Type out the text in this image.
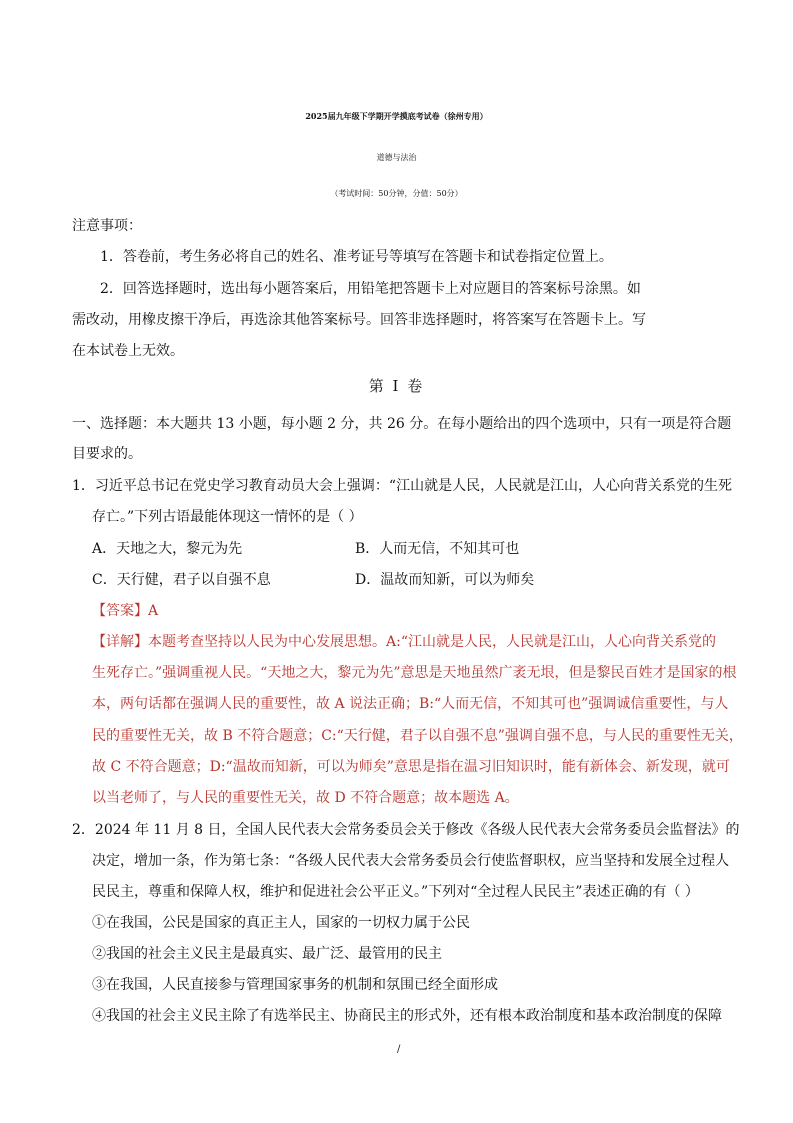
2025届九年级下学期开学摸底考试卷（徐州专用）
道德与法治
（考试时间：50分钟，分值：50分）
注意事项：
1．答卷前，考生务必将自己的姓名、准考证号等填写在答题卡和试卷指定位置上。
2．回答选择题时，选出每小题答案后，用铅笔把答题卡上对应题目的答案标号涂黑。如
需改动，用橡皮擦干净后，再选涂其他答案标号。回答非选择题时，将答案写在答题卡上。写
在本试卷上无效。
第 I 卷
一、选择题：本大题共 13 小题，每小题 2 分，共 26 分。在每小题给出的四个选项中，只有一项是符合题
目要求的。
1．习近平总书记在党史学习教育动员大会上强调：“江山就是人民，人民就是江山，人心向背关系党的生死
存亡。”下列古语最能体现这一情怀的是（ ）
A．天地之大，黎元为先	B．人而无信，不知其可也
C．天行健，君子以自强不息	D．温故而知新，可以为师矣
【答案】A
【详解】本题考查坚持以人民为中心发展思想。A:“江山就是人民，人民就是江山，人心向背关系党的
生死存亡。”强调重视人民。“天地之大，黎元为先”意思是天地虽然广袤无垠，但是黎民百姓才是国家的根
本，两句话都在强调人民的重要性，故 A 说法正确；B:“人而无信，不知其可也”强调诚信重要性，与人
民的重要性无关，故 B 不符合题意；C:“天行健，君子以自强不息”强调自强不息，与人民的重要性无关，
故 C 不符合题意；D:“温故而知新，可以为师矣”意思是指在温习旧知识时，能有新体会、新发现，就可
以当老师了，与人民的重要性无关，故 D 不符合题意；故本题选 A。
2．2024 年 11 月 8 日，全国人民代表大会常务委员会关于修改《各级人民代表大会常务委员会监督法》的
决定，增加一条，作为第七条：“各级人民代表大会常务委员会行使监督职权，应当坚持和发展全过程人
民民主，尊重和保障人权，维护和促进社会公平正义。”下列对“全过程人民民主”表述正确的有（ ）
①在我国，公民是国家的真正主人，国家的一切权力属于公民
②我国的社会主义民主是最真实、最广泛、最管用的民主
③在我国，人民直接参与管理国家事务的机制和氛围已经全面形成
④我国的社会主义民主除了有选举民主、协商民主的形式外，还有根本政治制度和基本政治制度的保障
/
